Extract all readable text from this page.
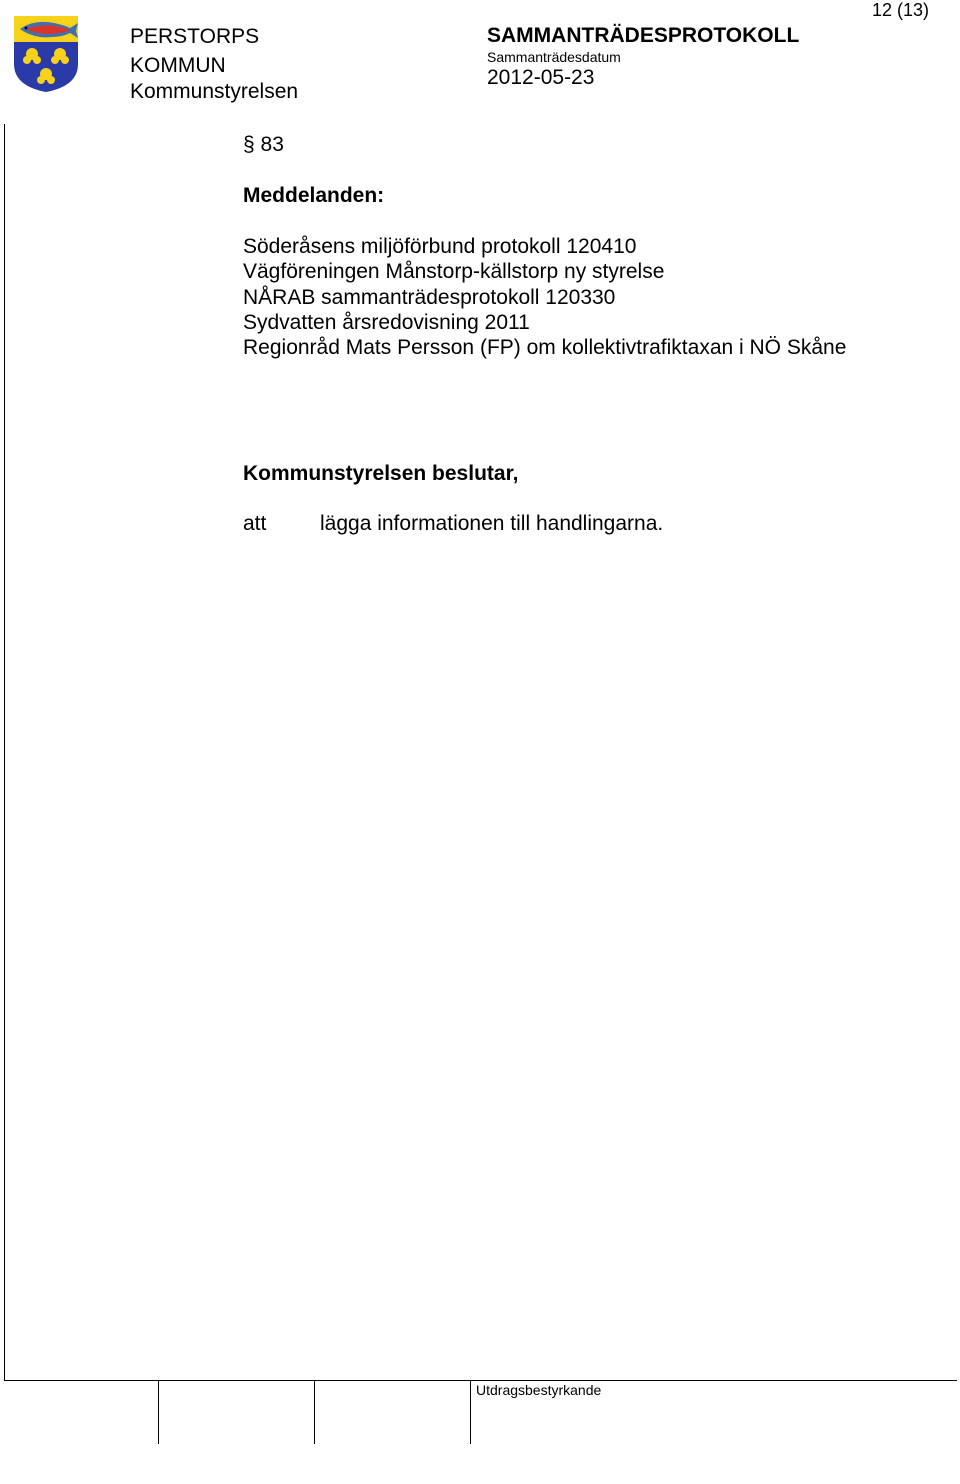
12 (13)
PERSTORPS
KOMMUN
Kommunstyrelsen
SAMMANTRÄDESPROTOKOLL
Sammanträdesdatum
2012-05-23
§ 83
Meddelanden:
Söderåsens miljöförbund protokoll 120410
Vägföreningen Månstorp-källstorp ny styrelse
NÅRAB sammanträdesprotokoll 120330
Sydvatten årsredovisning 2011
Regionråd Mats Persson (FP) om kollektivtrafiktaxan i NÖ Skåne
Kommunstyrelsen beslutar,
att	lägga informationen till handlingarna.
Utdragsbestyrkande
